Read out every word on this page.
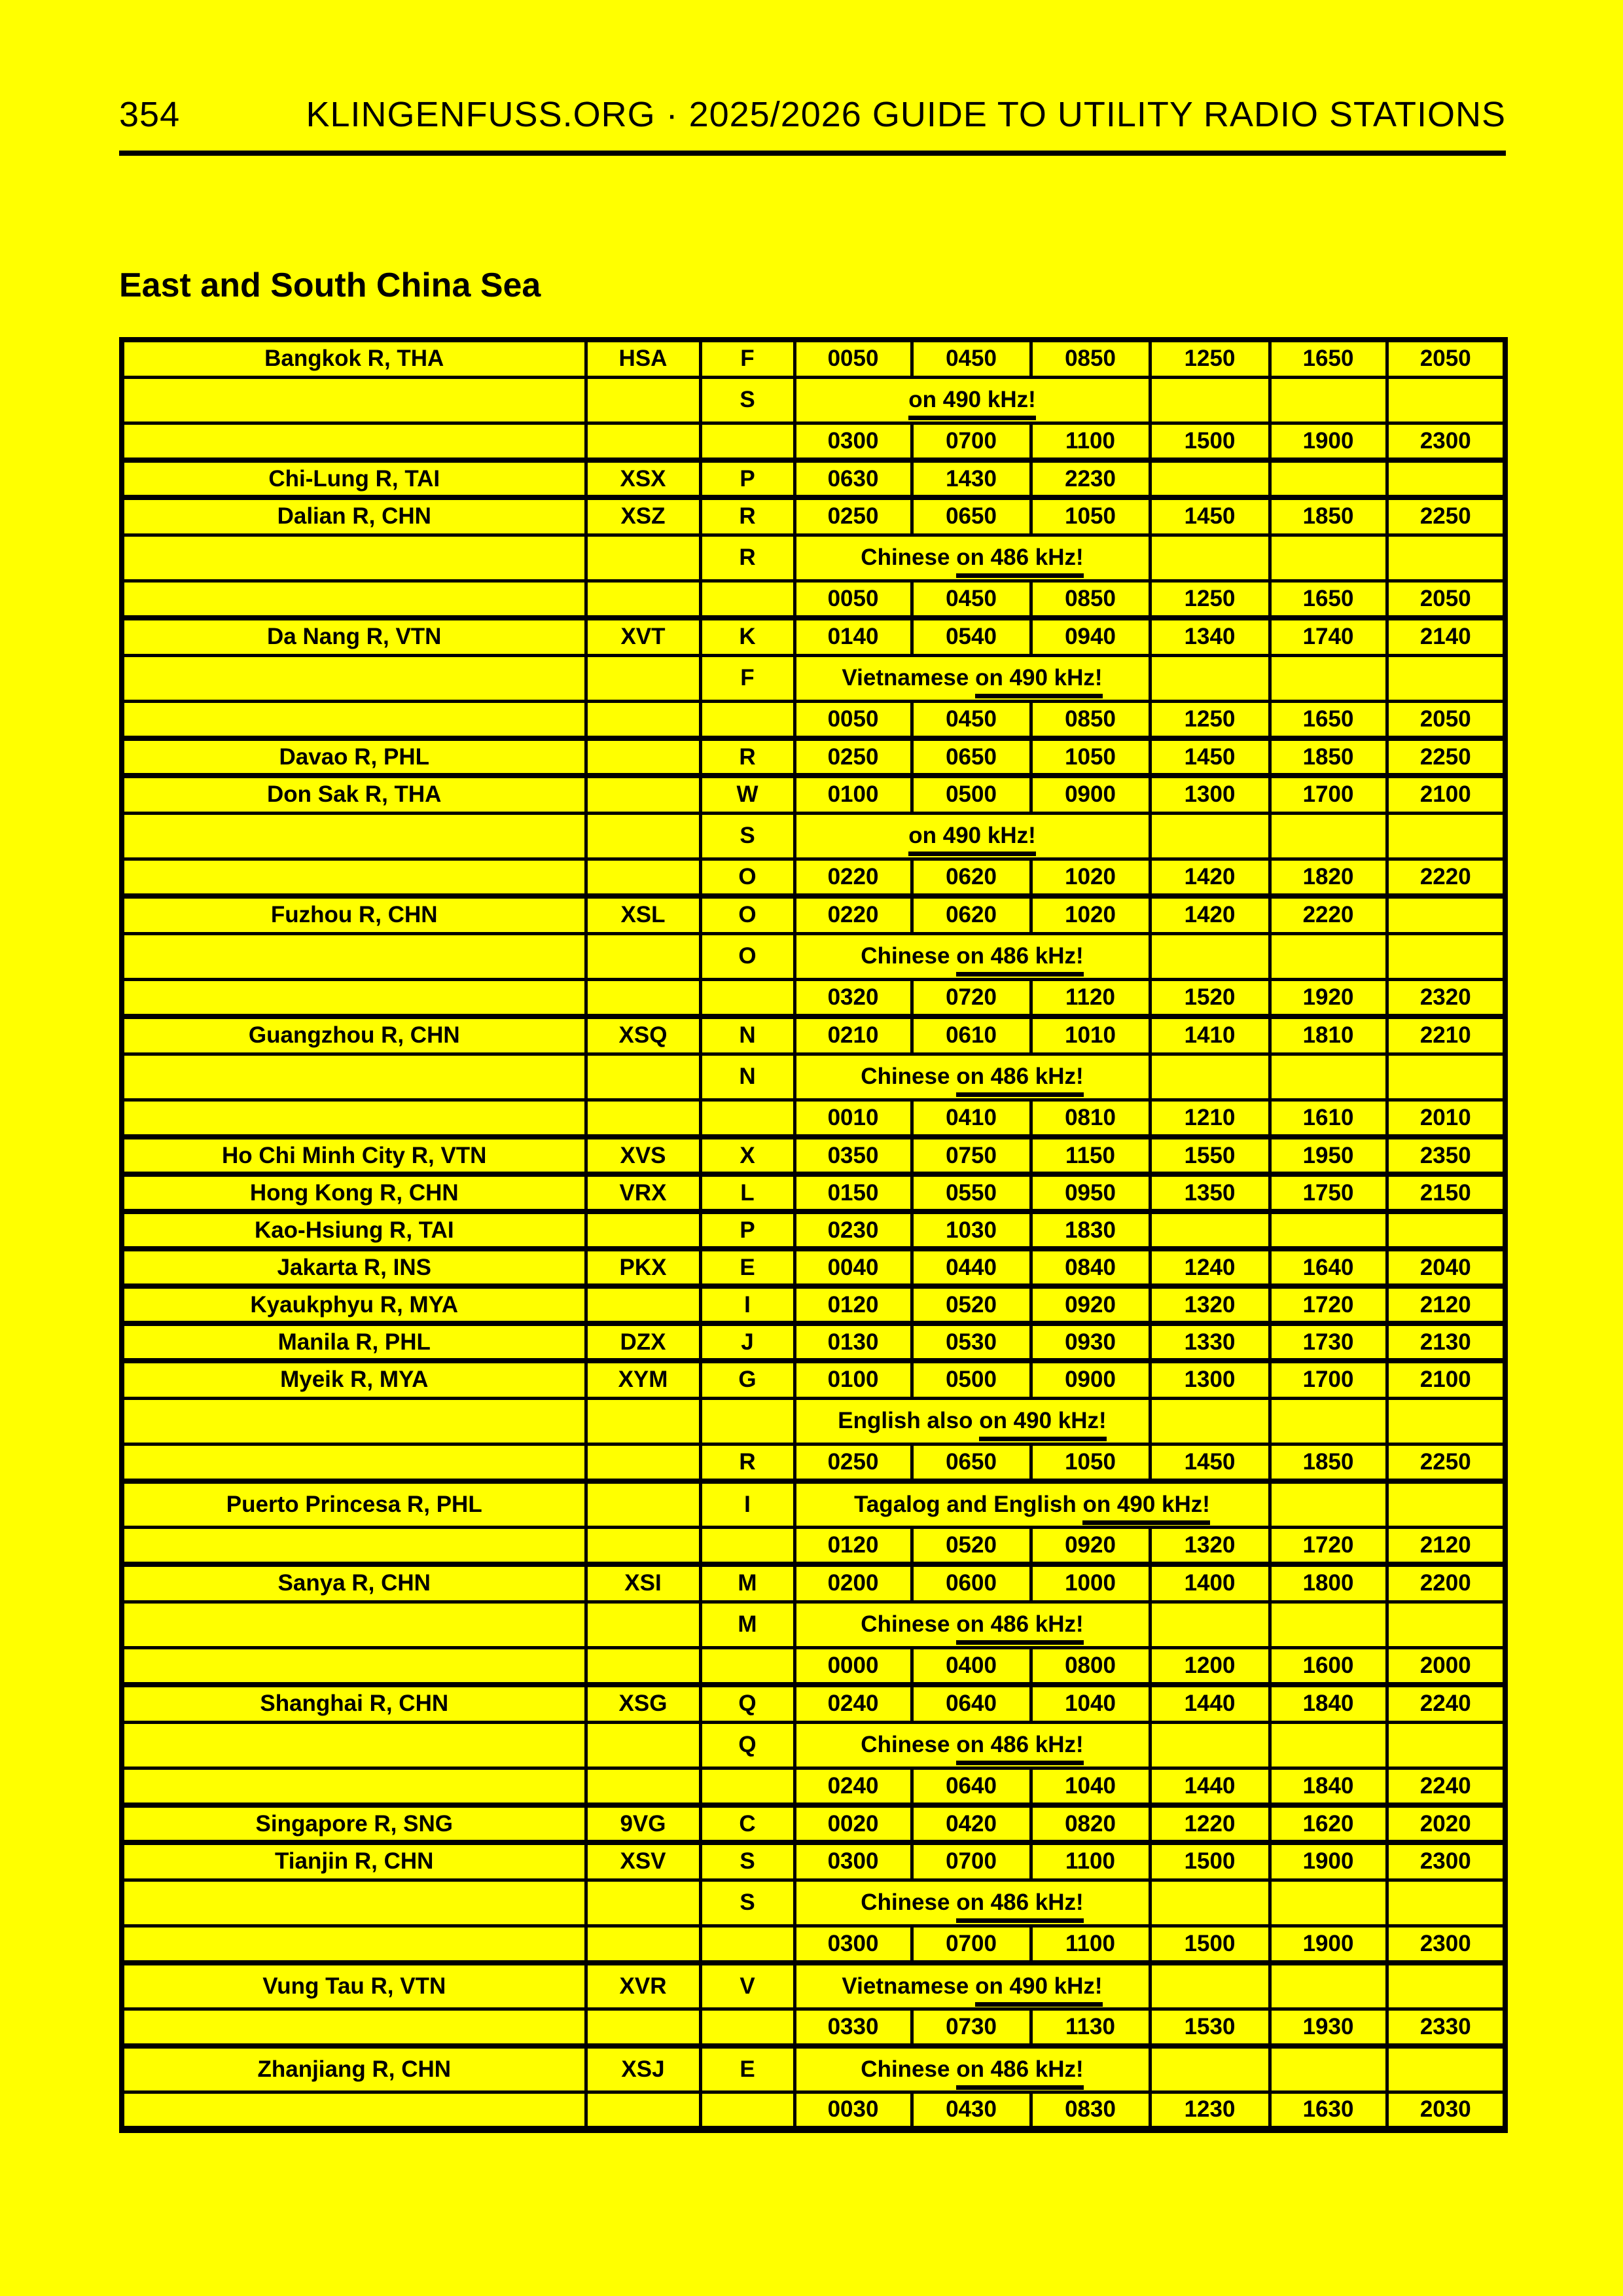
354	KLINGENFUSS.ORG · 2025/2026 GUIDE TO UTILITY RADIO STATIONS
East and South China Sea
Bangkok R, THA	HSA	F	0050	0450	0850	1250	1650	2050
		S	on 490 kHz!					
			0300	0700	1100	1500	1900	2300
Chi-Lung R, TAI	XSX	P	0630	1430	2230			
Dalian R, CHN	XSZ	R	0250	0650	1050	1450	1850	2250
		R	Chinese on 486 kHz!					
			0050	0450	0850	1250	1650	2050
Da Nang R, VTN	XVT	K	0140	0540	0940	1340	1740	2140
		F	Vietnamese on 490 kHz!					
			0050	0450	0850	1250	1650	2050
Davao R, PHL		R	0250	0650	1050	1450	1850	2250
Don Sak R, THA		W	0100	0500	0900	1300	1700	2100
		S	on 490 kHz!					
		O	0220	0620	1020	1420	1820	2220
Fuzhou R, CHN	XSL	O	0220	0620	1020	1420	2220	
		O	Chinese on 486 kHz!					
			0320	0720	1120	1520	1920	2320
Guangzhou R, CHN	XSQ	N	0210	0610	1010	1410	1810	2210
		N	Chinese on 486 kHz!					
			0010	0410	0810	1210	1610	2010
Ho Chi Minh City R, VTN	XVS	X	0350	0750	1150	1550	1950	2350
Hong Kong R, CHN	VRX	L	0150	0550	0950	1350	1750	2150
Kao-Hsiung R, TAI		P	0230	1030	1830			
Jakarta R, INS	PKX	E	0040	0440	0840	1240	1640	2040
Kyaukphyu R, MYA		I	0120	0520	0920	1320	1720	2120
Manila R, PHL	DZX	J	0130	0530	0930	1330	1730	2130
Myeik R, MYA	XYM	G	0100	0500	0900	1300	1700	2100
			English also on 490 kHz!					
		R	0250	0650	1050	1450	1850	2250
Puerto Princesa R, PHL		I	Tagalog and English on 490 kHz!					
			0120	0520	0920	1320	1720	2120
Sanya R, CHN	XSI	M	0200	0600	1000	1400	1800	2200
		M	Chinese on 486 kHz!					
			0000	0400	0800	1200	1600	2000
Shanghai R, CHN	XSG	Q	0240	0640	1040	1440	1840	2240
		Q	Chinese on 486 kHz!					
			0240	0640	1040	1440	1840	2240
Singapore R, SNG	9VG	C	0020	0420	0820	1220	1620	2020
Tianjin R, CHN	XSV	S	0300	0700	1100	1500	1900	2300
		S	Chinese on 486 kHz!					
			0300	0700	1100	1500	1900	2300
Vung Tau R, VTN	XVR	V	Vietnamese on 490 kHz!					
			0330	0730	1130	1530	1930	2330
Zhanjiang R, CHN	XSJ	E	Chinese on 486 kHz!					
			0030	0430	0830	1230	1630	2030
